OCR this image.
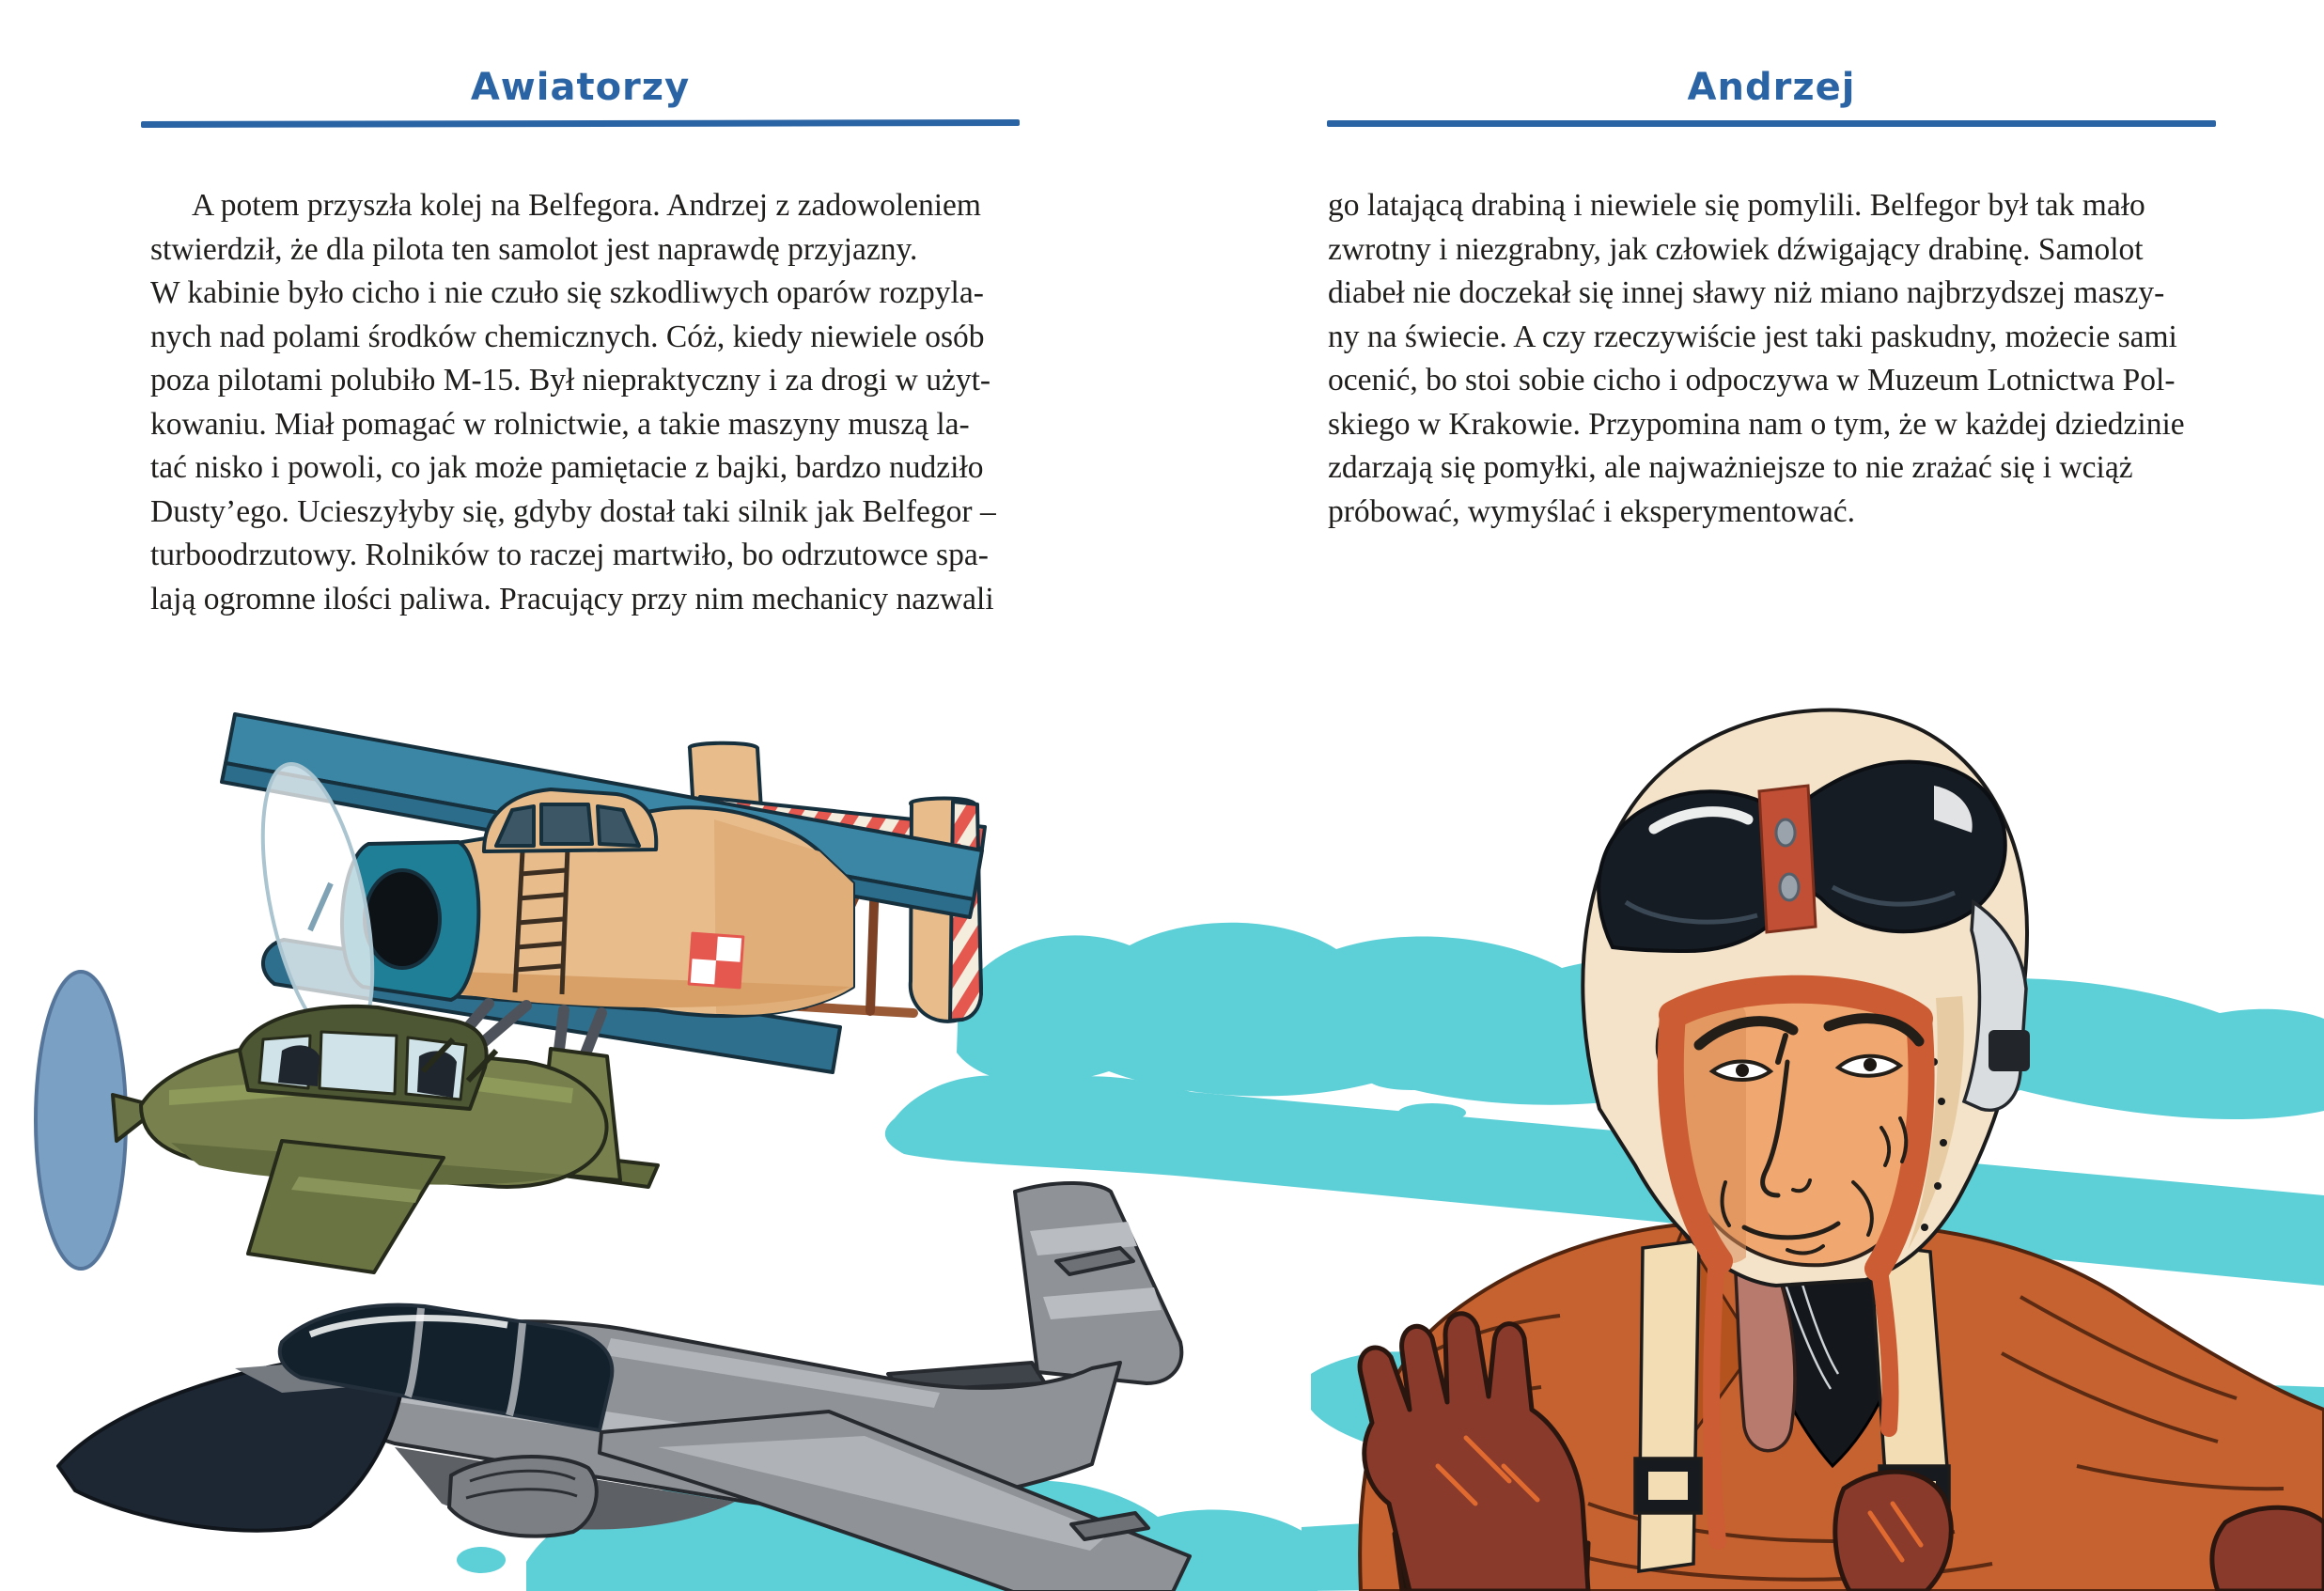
Awiatorzy	Andrzej
A potem przyszła kolej na Belfegora. Andrzej z zadowoleniem
stwierdził, że dla pilota ten samolot jest naprawdę przyjazny.
W kabinie było cicho i nie czuło się szkodliwych oparów rozpyla-
nych nad polami środków chemicznych. Cóż, kiedy niewiele osób
poza pilotami polubiło M-15. Był niepraktyczny i za drogi w użyt-
kowaniu. Miał pomagać w rolnictwie, a takie maszyny muszą la-
tać nisko i powoli, co jak może pamiętacie z bajki, bardzo nudziło
Dusty’ego. Ucieszyłyby się, gdyby dostał taki silnik jak Belfegor –
turboodrzutowy. Rolników to raczej martwiło, bo odrzutowce spa-
lają ogromne ilości paliwa. Pracujący przy nim mechanicy nazwali
go latającą drabiną i niewiele się pomylili. Belfegor był tak mało
zwrotny i niezgrabny, jak człowiek dźwigający drabinę. Samolot
diabeł nie doczekał się innej sławy niż miano najbrzydszej maszy-
ny na świecie. A czy rzeczywiście jest taki paskudny, możecie sami
ocenić, bo stoi sobie cicho i odpoczywa w Muzeum Lotnictwa Pol-
skiego w Krakowie. Przypomina nam o tym, że w każdej dziedzinie
zdarzają się pomyłki, ale najważniejsze to nie zrażać się i wciąż
próbować, wymyślać i eksperymentować.
